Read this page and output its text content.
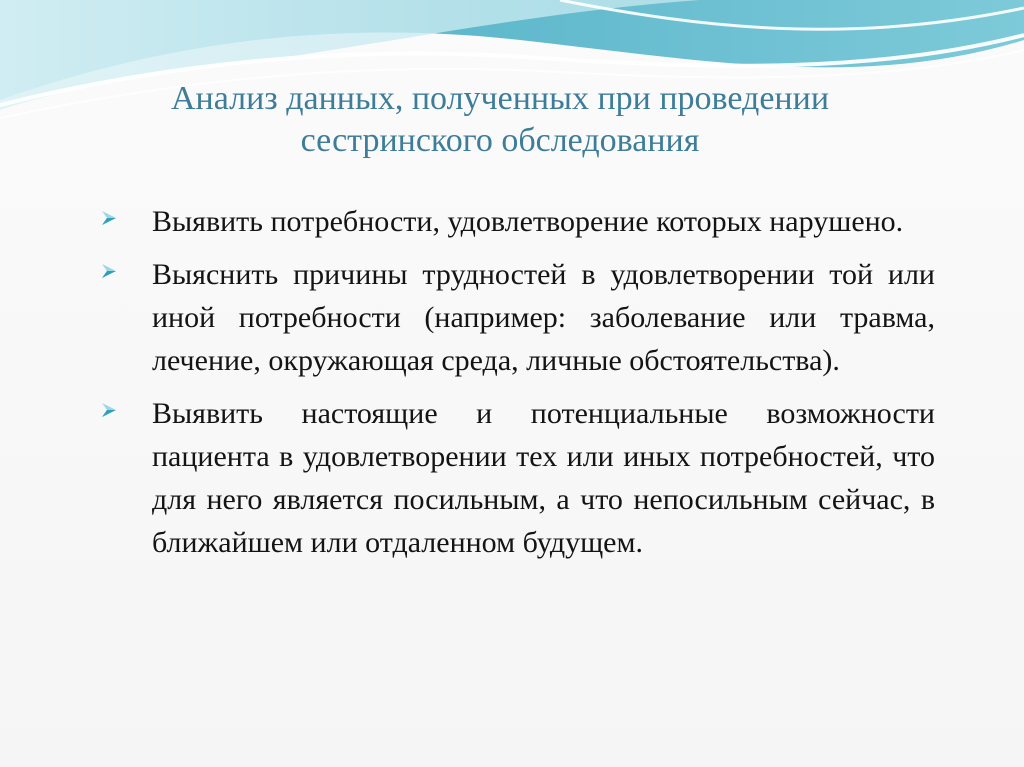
Анализ данных, полученных при проведении
сестринского обследования
Выявить потребности, удовлетворение которых нарушено.
Выяснить причины трудностей в удовлетворении той или иной потребности (например: заболевание или травма, лечение, окружающая среда, личные обстоятельства).
Выявить настоящие и потенциальные возможности пациента в удовлетворении тех или иных потребностей, что для него является посильным, а что непосильным сейчас, в ближайшем или отдаленном будущем.
